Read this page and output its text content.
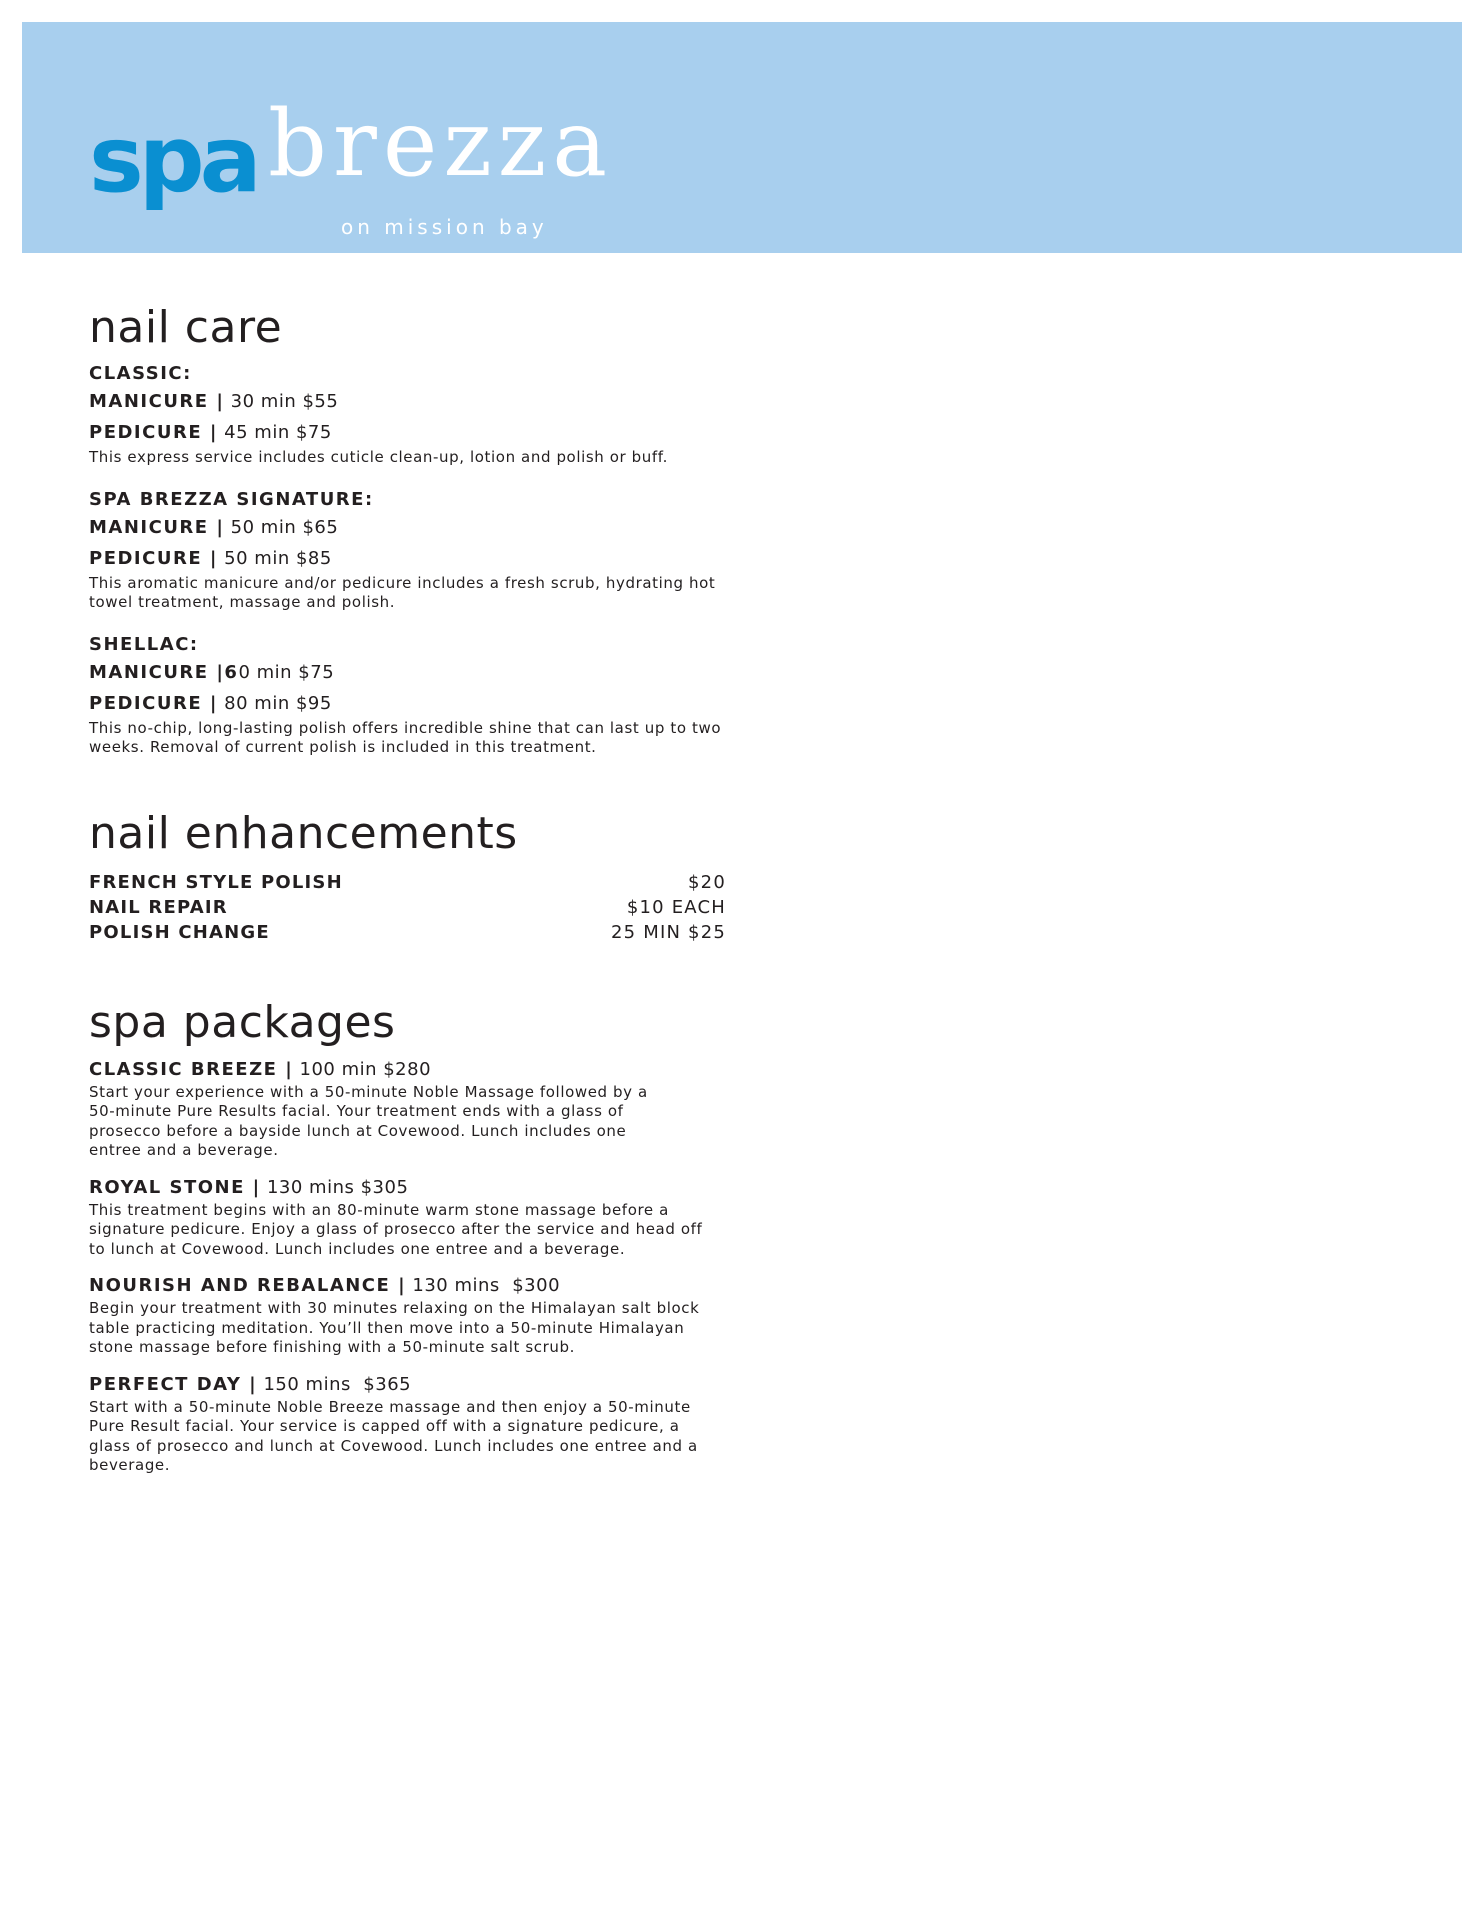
spa brezza
on mission bay
nail care

CLASSIC:

MANICURE | 30 min $55

PEDICURE | 45 min $75

This express service includes cuticle clean-up, lotion and polish or buff.

SPA BREZZA SIGNATURE:

MANICURE | 50 min $65

PEDICURE | 50 min $85

This aromatic manicure and/or pedicure includes a fresh scrub, hydrating hot towel treatment, massage and polish.

SHELLAC:

MANICURE |60 min $75

PEDICURE | 80 min $95

This no-chip, long-lasting polish offers incredible shine that can last up to two weeks. Removal of current polish is included in this treatment.

nail enhancements
FRENCH STYLE POLISH	$20
NAIL REPAIR	$10 EACH
POLISH CHANGE	25 MIN $25
spa packages

CLASSIC BREEZE | 100 min $280

Start your experience with a 50-minute Noble Massage followed by a 50-minute Pure Results facial. Your treatment ends with a glass of prosecco before a bayside lunch at Covewood. Lunch includes one entree and a beverage.

ROYAL STONE | 130 mins $305

This treatment begins with an 80-minute warm stone massage before a signature pedicure. Enjoy a glass of prosecco after the service and head off to lunch at Covewood. Lunch includes one entree and a beverage.

NOURISH AND REBALANCE | 130 mins  $300

Begin your treatment with 30 minutes relaxing on the Himalayan salt block table practicing meditation. You’ll then move into a 50-minute Himalayan stone massage before finishing with a 50-minute salt scrub.

PERFECT DAY | 150 mins  $365

Start with a 50-minute Noble Breeze massage and then enjoy a 50-minute Pure Result facial. Your service is capped off with a signature pedicure, a glass of prosecco and lunch at Covewood. Lunch includes one entree and a beverage.
